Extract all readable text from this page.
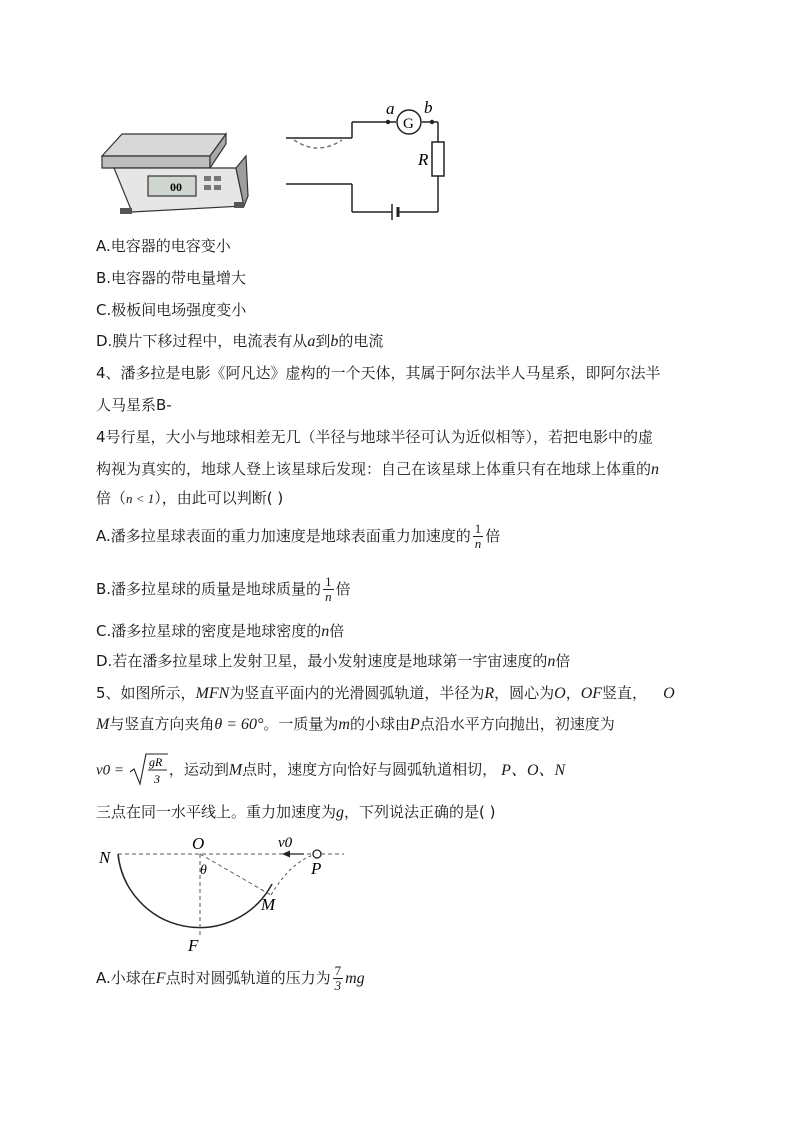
00
a b
G
R
A.电容器的电容变小
B.电容器的带电量增大
C.极板间电场强度变小
D.膜片下移过程中，电流表有从a到b的电流
4、潘多拉是电影《阿凡达》虚构的一个天体，其属于阿尔法半人马星系，即阿尔法半
人马星系B-
4号行星，大小与地球相差无几（半径与地球半径可认为近似相等），若把电影中的虚
构视为真实的，地球人登上该星球后发现：自己在该星球上体重只有在地球上体重的n
倍（n < 1），由此可以判断( )
A.潘多拉星球表面的重力加速度是地球表面重力加速度的 $\frac{1}{n}$ 倍
B.潘多拉星球的质量是地球质量的 $\frac{1}{n}$ 倍
C.潘多拉星球的密度是地球密度的n倍
D.若在潘多拉星球上发射卫星，最小发射速度是地球第一宇宙速度的n倍
5、如图所示，MFN为竖直平面内的光滑圆弧轨道，半径为R，圆心为O，OF竖直， O
M与竖直方向夹角θ = 60°。一质量为m的小球由P点沿水平方向抛出，初速度为
v0 =
gR
3
，运动到M点时，速度方向恰好与圆弧轨道相切， P、O、N
三点在同一水平线上。重力加速度为g，下列说法正确的是( )
N
O	v0
P
θ
M
F
A.小球在F点时对圆弧轨道的压力为 $\frac{7}{3}$ mg
